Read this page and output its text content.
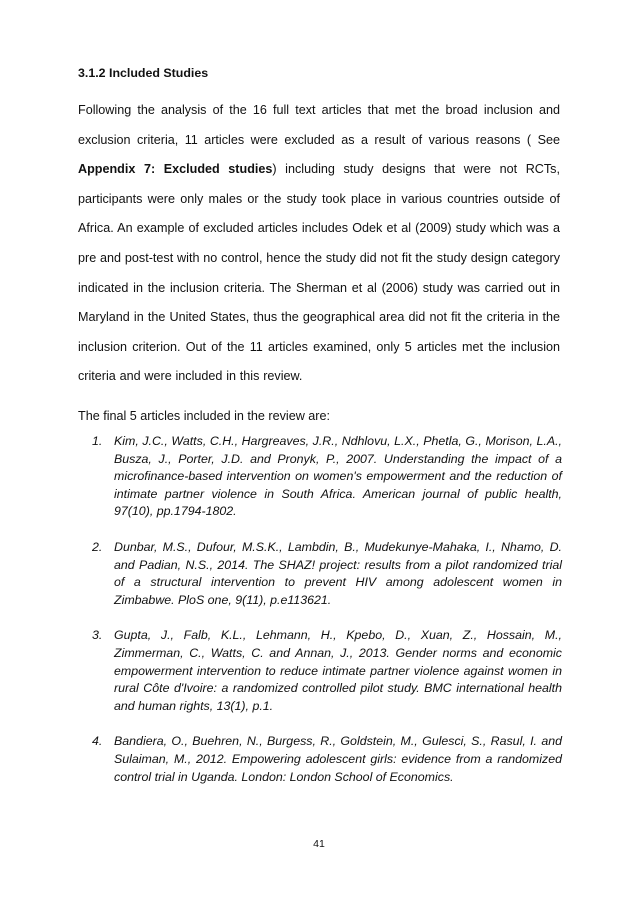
3.1.2 Included Studies

Following the analysis of the 16 full text articles that met the broad inclusion and exclusion criteria, 11 articles were excluded as a result of various reasons ( See Appendix 7: Excluded studies) including study designs that were not RCTs, participants were only males or the study took place in various countries outside of Africa. An example of excluded articles includes Odek et al (2009) study which was a pre and post-test with no control, hence the study did not fit the study design category indicated in the inclusion criteria. The Sherman et al (2006) study was carried out in Maryland in the United States, thus the geographical area did not fit the criteria in the inclusion criterion. Out of the 11 articles examined, only 5 articles met the inclusion criteria and were included in this review.

The final 5 articles included in the review are:

1. Kim, J.C., Watts, C.H., Hargreaves, J.R., Ndhlovu, L.X., Phetla, G., Morison, L.A., Busza, J., Porter, J.D. and Pronyk, P., 2007. Understanding the impact of a microfinance-based intervention on women's empowerment and the reduction of intimate partner violence in South Africa. American journal of public health, 97(10), pp.1794-1802.
2. Dunbar, M.S., Dufour, M.S.K., Lambdin, B., Mudekunye-Mahaka, I., Nhamo, D. and Padian, N.S., 2014. The SHAZ! project: results from a pilot randomized trial of a structural intervention to prevent HIV among adolescent women in Zimbabwe. PloS one, 9(11), p.e113621.
3. Gupta, J., Falb, K.L., Lehmann, H., Kpebo, D., Xuan, Z., Hossain, M., Zimmerman, C., Watts, C. and Annan, J., 2013. Gender norms and economic empowerment intervention to reduce intimate partner violence against women in rural Côte d'Ivoire: a randomized controlled pilot study. BMC international health and human rights, 13(1), p.1.
4. Bandiera, O., Buehren, N., Burgess, R., Goldstein, M., Gulesci, S., Rasul, I. and Sulaiman, M., 2012. Empowering adolescent girls: evidence from a randomized control trial in Uganda. London: London School of Economics.

41
